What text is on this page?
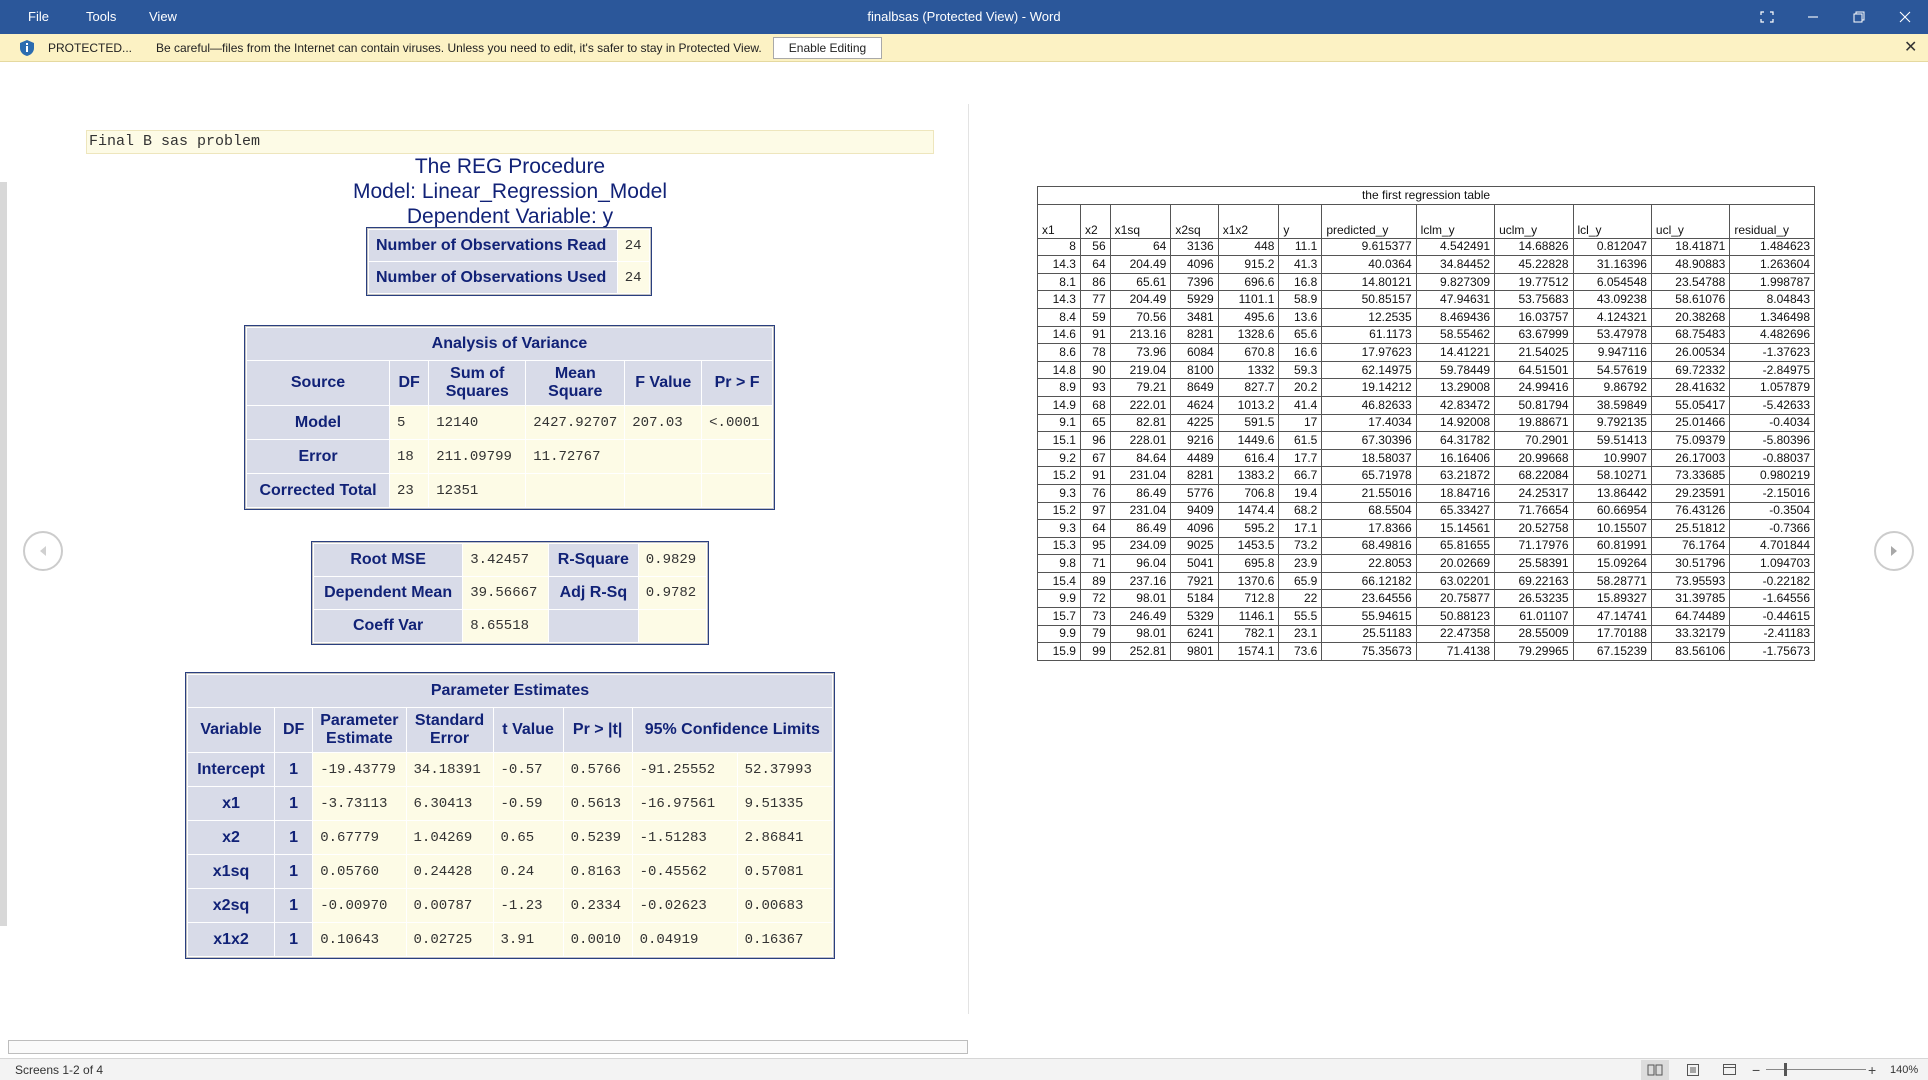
File	Tools	View	finalbsas (Protected View) - Word
PROTECTED... Be careful—files from the Internet can contain viruses. Unless you need to edit, it's safer to stay in Protected View.	Enable Editing	✕
Final B sas problem
The REG Procedure
Model: Linear_Regression_Model
Dependent Variable: y
Number of Observations Read	24
Number of Observations Used	24
Analysis of Variance					
Source	DF	Sum of Squares	Mean Square	F Value	Pr > F
Model	5	12140	2427.92707	207.03	<.0001
Error	18	211.09799	11.72767		
Corrected Total	23	12351			
Root MSE	3.42457	R-Square	0.9829
Dependent Mean	39.56667	Adj R-Sq	0.9782
Coeff Var	8.65518		
Parameter Estimates							
Variable	DF	Parameter Estimate	Standard Error	t Value	Pr > |t|	95% Confidence Limits	
Intercept	1	-19.43779	34.18391	-0.57	0.5766	-91.25552	52.37993
x1	1	-3.73113	6.30413	-0.59	0.5613	-16.97561	9.51335
x2	1	0.67779	1.04269	0.65	0.5239	-1.51283	2.86841
x1sq	1	0.05760	0.24428	0.24	0.8163	-0.45562	0.57081
x2sq	1	-0.00970	0.00787	-1.23	0.2334	-0.02623	0.00683
x1x2	1	0.10643	0.02725	3.91	0.0010	0.04919	0.16367
the first regression table											
x1	x2	x1sq	x2sq	x1x2	y	predicted_y	lclm_y	uclm_y	lcl_y	ucl_y	residual_y
8	56	64	3136	448	11.1	9.615377	4.542491	14.68826	0.812047	18.41871	1.484623
14.3	64	204.49	4096	915.2	41.3	40.0364	34.84452	45.22828	31.16396	48.90883	1.263604
8.1	86	65.61	7396	696.6	16.8	14.80121	9.827309	19.77512	6.054548	23.54788	1.998787
14.3	77	204.49	5929	1101.1	58.9	50.85157	47.94631	53.75683	43.09238	58.61076	8.04843
8.4	59	70.56	3481	495.6	13.6	12.2535	8.469436	16.03757	4.124321	20.38268	1.346498
14.6	91	213.16	8281	1328.6	65.6	61.1173	58.55462	63.67999	53.47978	68.75483	4.482696
8.6	78	73.96	6084	670.8	16.6	17.97623	14.41221	21.54025	9.947116	26.00534	-1.37623
14.8	90	219.04	8100	1332	59.3	62.14975	59.78449	64.51501	54.57619	69.72332	-2.84975
8.9	93	79.21	8649	827.7	20.2	19.14212	13.29008	24.99416	9.86792	28.41632	1.057879
14.9	68	222.01	4624	1013.2	41.4	46.82633	42.83472	50.81794	38.59849	55.05417	-5.42633
9.1	65	82.81	4225	591.5	17	17.4034	14.92008	19.88671	9.792135	25.01466	-0.4034
15.1	96	228.01	9216	1449.6	61.5	67.30396	64.31782	70.2901	59.51413	75.09379	-5.80396
9.2	67	84.64	4489	616.4	17.7	18.58037	16.16406	20.99668	10.9907	26.17003	-0.88037
15.2	91	231.04	8281	1383.2	66.7	65.71978	63.21872	68.22084	58.10271	73.33685	0.980219
9.3	76	86.49	5776	706.8	19.4	21.55016	18.84716	24.25317	13.86442	29.23591	-2.15016
15.2	97	231.04	9409	1474.4	68.2	68.5504	65.33427	71.76654	60.66954	76.43126	-0.3504
9.3	64	86.49	4096	595.2	17.1	17.8366	15.14561	20.52758	10.15507	25.51812	-0.7366
15.3	95	234.09	9025	1453.5	73.2	68.49816	65.81655	71.17976	60.81991	76.1764	4.701844
9.8	71	96.04	5041	695.8	23.9	22.8053	20.02669	25.58391	15.09264	30.51796	1.094703
15.4	89	237.16	7921	1370.6	65.9	66.12182	63.02201	69.22163	58.28771	73.95593	-0.22182
9.9	72	98.01	5184	712.8	22	23.64556	20.75877	26.53235	15.89327	31.39785	-1.64556
15.7	73	246.49	5329	1146.1	55.5	55.94615	50.88123	61.01107	47.14741	64.74489	-0.44615
9.9	79	98.01	6241	782.1	23.1	25.51183	22.47358	28.55009	17.70188	33.32179	-2.41183
15.9	99	252.81	9801	1574.1	73.6	75.35673	71.4138	79.29965	67.15239	83.56106	-1.75673
Screens 1-2 of 4	−	+ 140%
